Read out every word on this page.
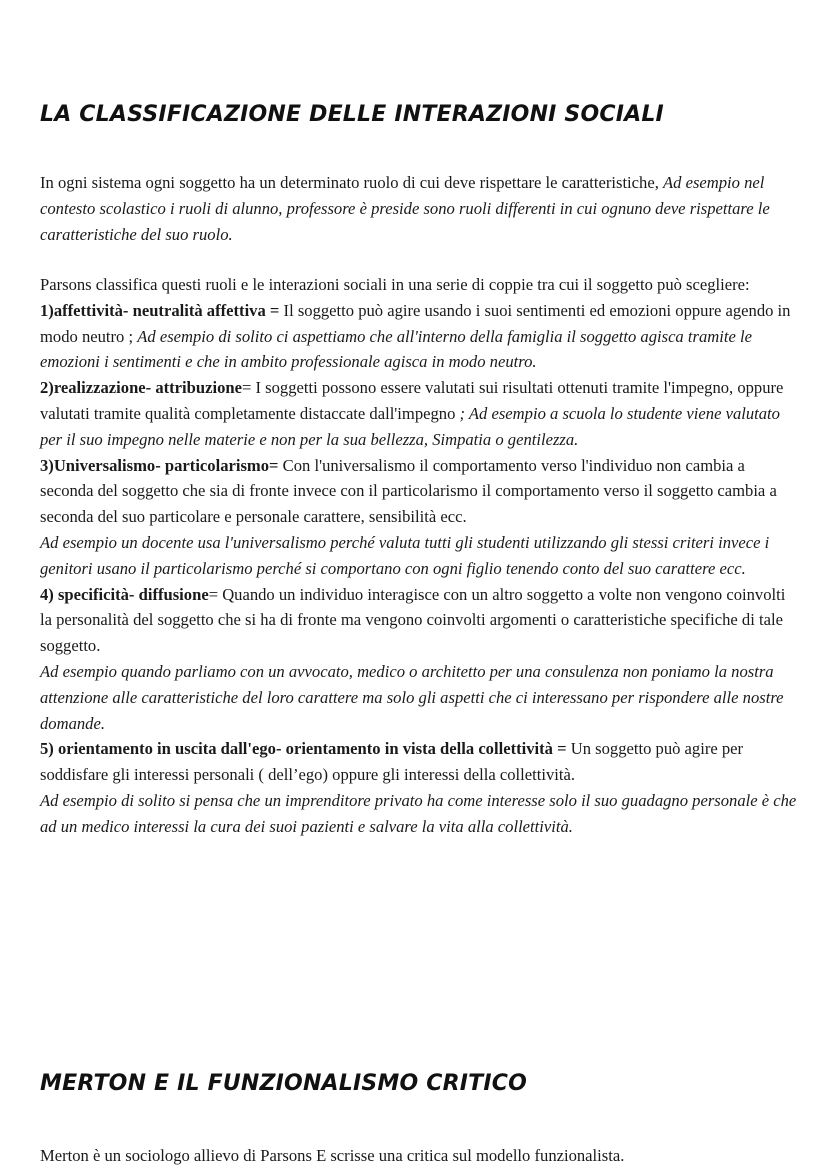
LA CLASSIFICAZIONE DELLE INTERAZIONI SOCIALI

In ogni sistema ogni soggetto ha un determinato ruolo di cui deve rispettare le caratteristiche, Ad esempio nel contesto scolastico i ruoli di alunno, professore è preside sono ruoli differenti in cui ognuno deve rispettare le caratteristiche del suo ruolo.

Parsons classifica questi ruoli e le interazioni sociali in una serie di coppie tra cui il soggetto può scegliere:
1)affettività- neutralità affettiva = Il soggetto può agire usando i suoi sentimenti ed emozioni oppure agendo in modo neutro ; Ad esempio di solito ci aspettiamo che all'interno della famiglia il soggetto agisca tramite le emozioni i sentimenti e che in ambito professionale agisca in modo neutro.
2)realizzazione- attribuzione= I soggetti possono essere valutati sui risultati ottenuti tramite l'impegno, oppure valutati tramite qualità completamente distaccate dall'impegno ; Ad esempio a scuola lo studente viene valutato per il suo impegno nelle materie e non per la sua bellezza, Simpatia o gentilezza.
3)Universalismo- particolarismo= Con l'universalismo il comportamento verso l'individuo non cambia a seconda del soggetto che sia di fronte invece con il particolarismo il comportamento verso il soggetto cambia a seconda del suo particolare e personale carattere, sensibilità ecc.
Ad esempio un docente usa l'universalismo perché valuta tutti gli studenti utilizzando gli stessi criteri invece i genitori usano il particolarismo perché si comportano con ogni figlio tenendo conto del suo carattere ecc.
4) specificità- diffusione= Quando un individuo interagisce con un altro soggetto a volte non vengono coinvolti la personalità del soggetto che si ha di fronte ma vengono coinvolti argomenti o caratteristiche specifiche di tale soggetto.
Ad esempio quando parliamo con un avvocato, medico o architetto per una consulenza non poniamo la nostra attenzione alle caratteristiche del loro carattere ma solo gli aspetti che ci interessano per rispondere alle nostre domande.
5) orientamento in uscita dall'ego- orientamento in vista della collettività = Un soggetto può agire per soddisfare gli interessi personali ( dell’ego) oppure gli interessi della collettività.
Ad esempio di solito si pensa che un imprenditore privato ha come interesse solo il suo guadagno personale è che ad un medico interessi la cura dei suoi pazienti e salvare la vita alla collettività.
MERTON E IL FUNZIONALISMO CRITICO

Merton è un sociologo allievo di Parsons E scrisse una critica sul modello funzionalista.
